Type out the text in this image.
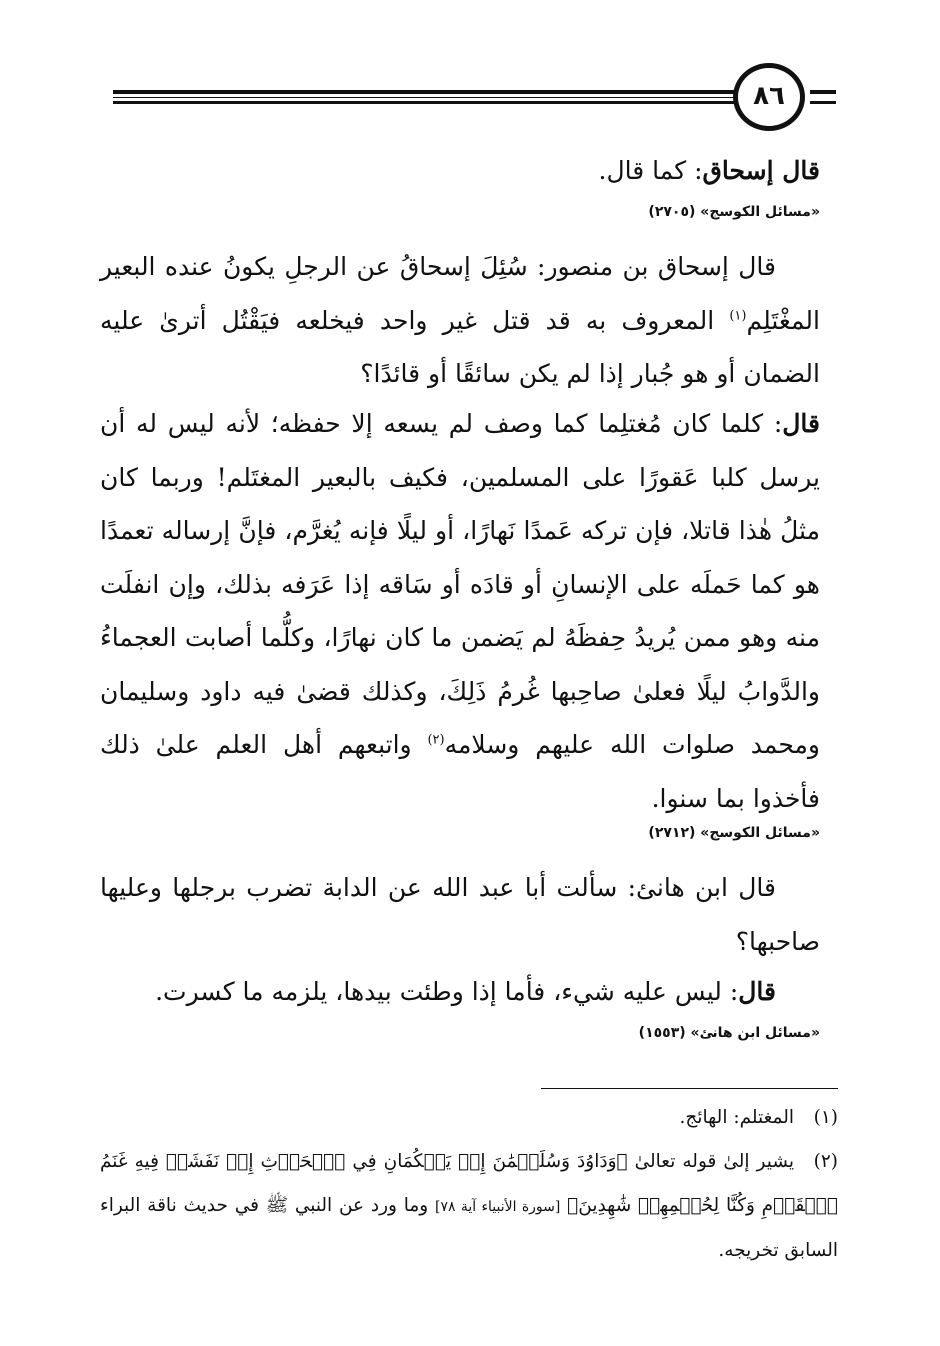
٨٦

قال إسحاق: كما قال.

«مسائل الكوسج» (٢٧٠٥)

قال إسحاق بن منصور: سُئِلَ إسحاقُ عن الرجلِ يكونُ عنده البعير المغْتَلِم$^{(١)}$ المعروف به قد قتل غير واحد فيخلعه فيَقْتُل أترىٰ عليه الضمان أو هو جُبار إذا لم يكن سائقًا أو قائدًا؟

قال: كلما كان مُغتلِما كما وصف لم يسعه إلا حفظه؛ لأنه ليس له أن يرسل كلبا عَقورًا على المسلمين، فكيف بالبعير المغتَلم! وربما كان مثلُ هٰذا قاتلا، فإن تركه عَمدًا نَهارًا، أو ليلًا فإنه يُغرَّم، فإنَّ إرساله تعمدًا هو كما حَملَه على الإنسانِ أو قادَه أو سَاقه إذا عَرَفه بذلك، وإن انفلَت منه وهو ممن يُريدُ حِفظَهُ لم يَضمن ما كان نهارًا، وكلُّما أصابت العجماءُ والدَّوابُ ليلًا فعلىٰ صاحِبها غُرمُ ذَلِكَ، وكذلك قضىٰ فيه داود وسليمان ومحمد صلوات الله عليهم وسلامه$^{(٢)}$ واتبعهم أهل العلم علىٰ ذلك فأخذوا بما سنوا.

«مسائل الكوسج» (٢٧١٢)

قال ابن هانئ: سألت أبا عبد الله عن الدابة تضرب برجلها وعليها صاحبها؟

قال: ليس عليه شيء، فأما إذا وطئت بيدها، يلزمه ما كسرت.

«مسائل ابن هانئ» (١٥٥٣)

(١)المغتلم: الهائج.

(٢)يشير إلىٰ قوله تعالىٰ ﴿وَدَاوُدَ وَسُلَيۡمَٰنَ إِذۡ يَحۡكُمَانِ فِي ٱلۡحَرۡثِ إِذۡ نَفَشَتۡ فِيهِ غَنَمُ ٱلۡقَوۡمِ وَكُنَّا لِحُكۡمِهِمۡ شَٰهِدِينَ﴾ [سورة الأنبياء آية ٧٨] وما ورد عن النبي ﷺ في حديث ناقة البراء السابق تخريجه.
